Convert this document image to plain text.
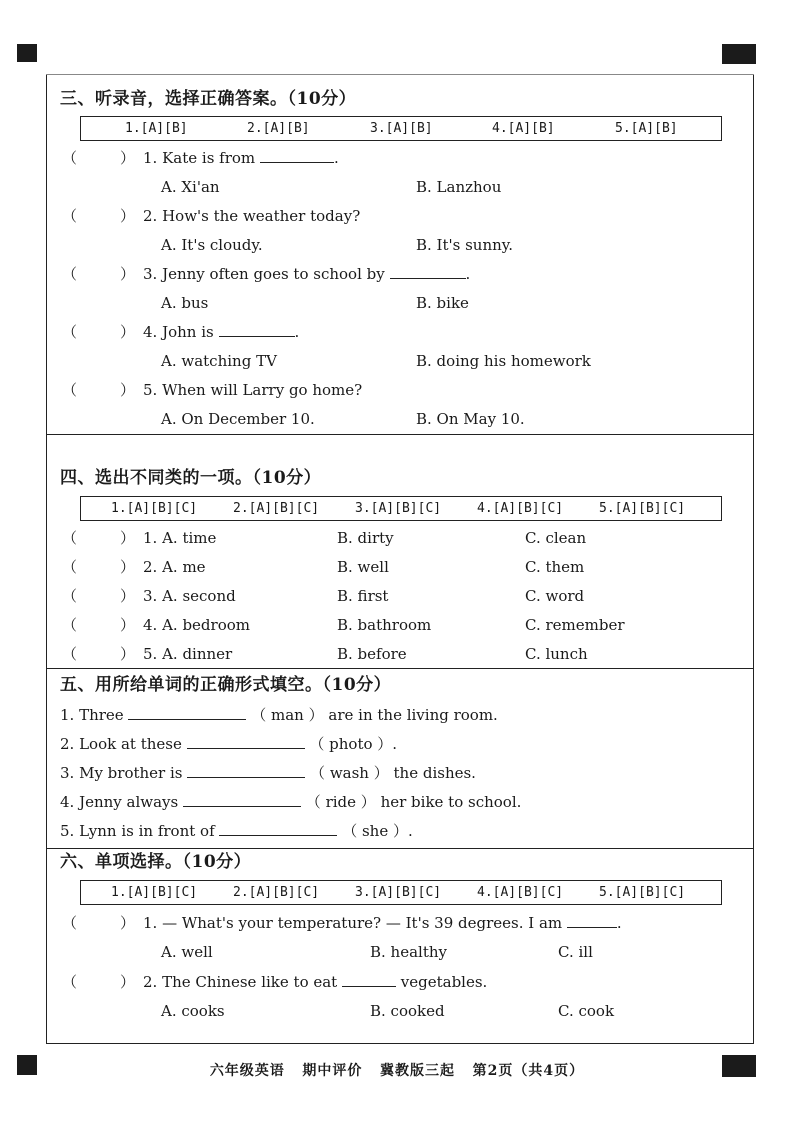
三、听录音，选择正确答案。（10分）
1.[A][B]	2.[A][B]	3.[A][B]	4.[A][B]	5.[A][B]
（	） 1. Kate is from	.
A. Xi'an	B. Lanzhou
（	） 2. How's the weather today?
A. It's cloudy.	B. It's sunny.
（	） 3. Jenny often goes to school by	.
A. bus	B. bike
（	） 4. John is	.
A. watching TV	B. doing his homework
（	） 5. When will Larry go home?
A. On December 10.	B. On May 10.
四、选出不同类的一项。（10分）
1.[A][B][C]	2.[A][B][C]	3.[A][B][C]	4.[A][B][C]	5.[A][B][C]
（	） 1. A. time	B. dirty	C. clean
（	） 2. A. me	B. well	C. them
（	） 3. A. second	B. first	C. word
（	） 4. A. bedroom	B. bathroom	C. remember
（	） 5. A. dinner	B. before	C. lunch
五、用所给单词的正确形式填空。（10分）
1. Three	（ man ） are in the living room.
2. Look at these	（ photo ）.
3. My brother is	（ wash ） the dishes.
4. Jenny always	（ ride ） her bike to school.
5. Lynn is in front of	（ she ）.
六、单项选择。（10分）
1.[A][B][C]	2.[A][B][C]	3.[A][B][C]	4.[A][B][C]	5.[A][B][C]
（	） 1. — What's your temperature? — It's 39 degrees. I am	.
A. well	B. healthy	C. ill
（	） 2. The Chinese like to eat	vegetables.
A. cooks	B. cooked	C. cook
六年级英语   期中评价   冀教版三起   第2页（共4页）
